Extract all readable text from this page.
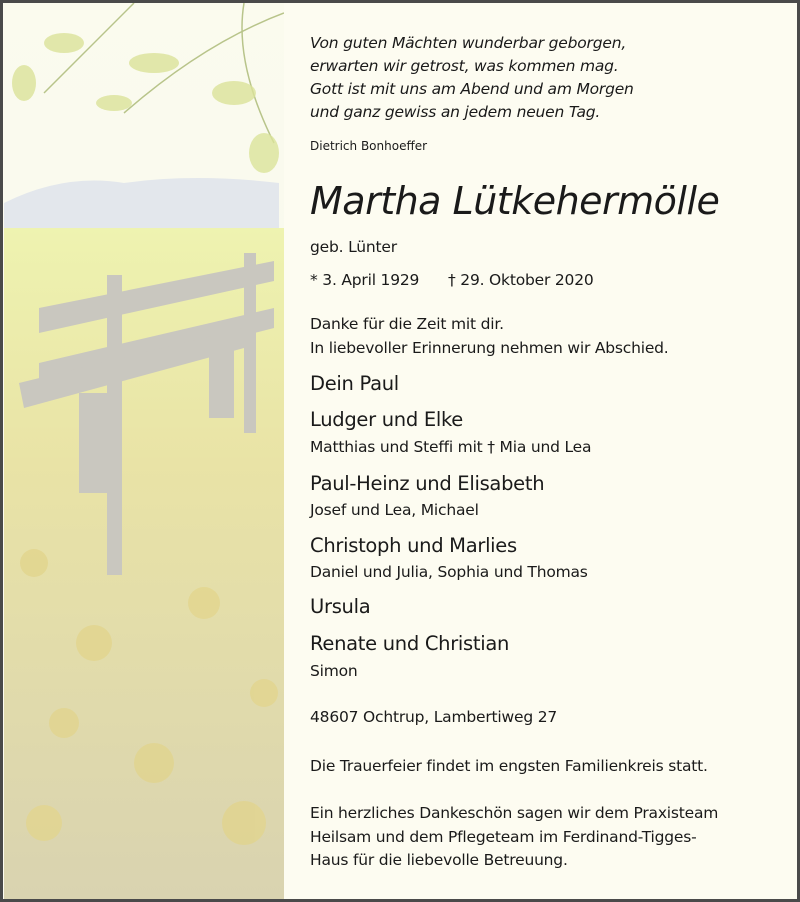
Von guten Mächten wunderbar geborgen,
erwarten wir getrost, was kommen mag.
Gott ist mit uns am Abend und am Morgen
und ganz gewiss an jedem neuen Tag.
Dietrich Bonhoeffer
Martha Lütkehermölle
geb. Lünter
* 3. April 1929 † 29. Oktober 2020
Danke für die Zeit mit dir.
In liebevoller Erinnerung nehmen wir Abschied.
Dein Paul
Ludger und Elke
Matthias und Steffi mit † Mia und Lea
Paul-Heinz und Elisabeth
Josef und Lea, Michael
Christoph und Marlies
Daniel und Julia, Sophia und Thomas
Ursula
Renate und Christian
Simon
48607 Ochtrup, Lambertiweg 27
Die Trauerfeier findet im engsten Familienkreis statt.
Ein herzliches Dankeschön sagen wir dem Praxisteam
Heilsam und dem Pflegeteam im Ferdinand-Tigges-
Haus für die liebevolle Betreuung.
